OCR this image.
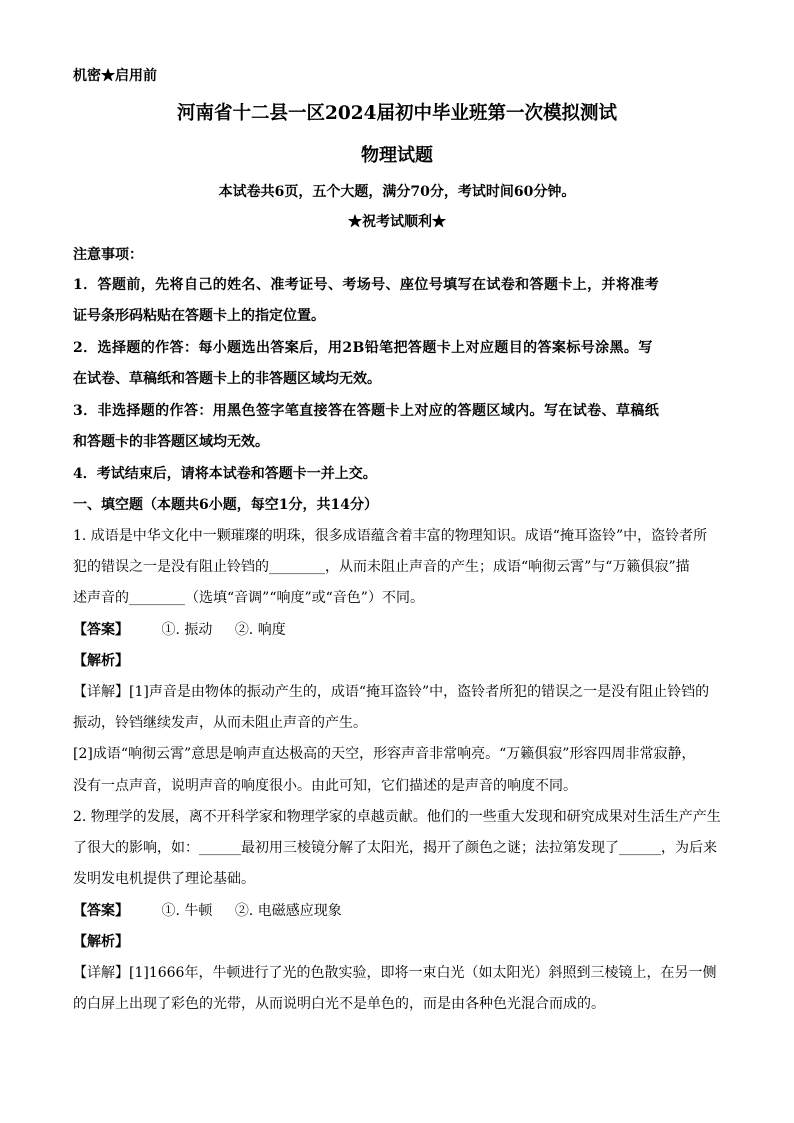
机密★启用前
河南省十二县一区2024届初中毕业班第一次模拟测试
物理试题
本试卷共6页，五个大题，满分70分，考试时间60分钟。
★祝考试顺利★
注意事项：
1．答题前，先将自己的姓名、准考证号、考场号、座位号填写在试卷和答题卡上，并将准考
证号条形码粘贴在答题卡上的指定位置。
2．选择题的作答：每小题选出答案后，用2B铅笔把答题卡上对应题目的答案标号涂黑。写
在试卷、草稿纸和答题卡上的非答题区域均无效。
3．非选择题的作答：用黑色签字笔直接答在答题卡上对应的答题区域内。写在试卷、草稿纸
和答题卡的非答题区域均无效。
4．考试结束后，请将本试卷和答题卡一并上交。
一、填空题（本题共6小题，每空1分，共14分）
1. 成语是中华文化中一颗璀璨的明珠，很多成语蕴含着丰富的物理知识。成语“掩耳盗铃”中，盗铃者所
犯的错误之一是没有阻止铃铛的________，从而未阻止声音的产生；成语“响彻云霄”与“万籁俱寂”描
述声音的________（选填“音调”“响度”或“音色”）不同。
【答案】 ①. 振动 ②. 响度
【解析】
【详解】[1]声音是由物体的振动产生的，成语“掩耳盗铃”中，盗铃者所犯的错误之一是没有阻止铃铛的
振动，铃铛继续发声，从而未阻止声音的产生。
[2]成语“响彻云霄”意思是响声直达极高的天空，形容声音非常响亮。“万籁俱寂”形容四周非常寂静，
没有一点声音，说明声音的响度很小。由此可知，它们描述的是声音的响度不同。
2. 物理学的发展，离不开科学家和物理学家的卓越贡献。他们的一些重大发现和研究成果对生活生产产生
了很大的影响，如：______最初用三棱镜分解了太阳光，揭开了颜色之谜；法拉第发现了______，为后来
发明发电机提供了理论基础。
【答案】 ①. 牛顿 ②. 电磁感应现象
【解析】
【详解】[1]1666年，牛顿进行了光的色散实验，即将一束白光（如太阳光）斜照到三棱镜上，在另一侧
的白屏上出现了彩色的光带，从而说明白光不是单色的，而是由各种色光混合而成的。
